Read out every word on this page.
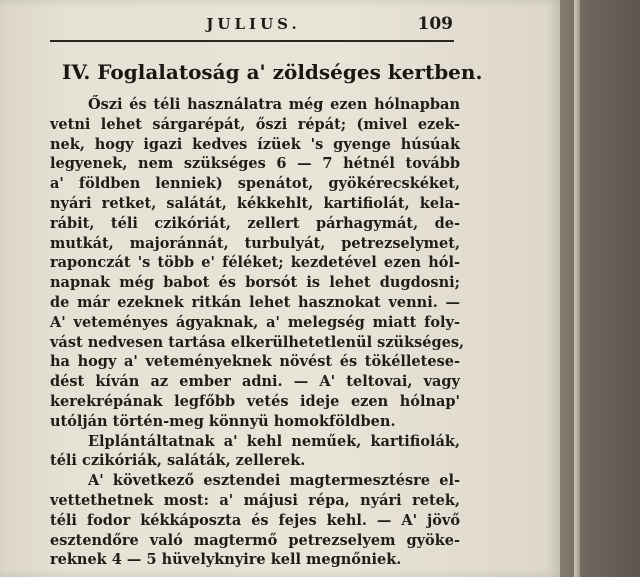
JULIUS.	109
IV. Foglalatoság a' zöldséges kertben.
Őszi és téli használatra még ezen hólnapban
vetni lehet sárgarépát, őszi répát; (mivel ezek-
nek, hogy igazi kedves ízüek 's gyenge húsúak
legyenek, nem szükséges 6 — 7 hétnél tovább
a' földben lenniek) spenátot, gyökérecskéket,
nyári retket, salátát, kékkehlt, kartifiolát, kela-
rábit, téli czikóriát, zellert párhagymát, de-
mutkát, majoránnát, turbulyát, petrezselymet,
raponczát 's több e' féléket; kezdetével ezen hól-
napnak még babot és borsót is lehet dugdosni;
de már ezeknek ritkán lehet hasznokat venni. —
A' veteményes ágyaknak, a' melegség miatt foly-
vást nedvesen tartása elkerülhetetlenül szükséges,
ha hogy a' veteményeknek növést és tökélletese-
dést kíván az ember adni. — A' teltovai, vagy
kerekrépának legfőbb vetés ideje ezen hólnap'
utólján történ-meg könnyü homokföldben.
Elplántáltatnak a' kehl neműek, kartifiolák,
téli czikóriák, saláták, zellerek.
A' következő esztendei magtermesztésre el-
vettethetnek most: a' májusi répa, nyári retek,
téli fodor kékkáposzta és fejes kehl. — A' jövő
esztendőre való magtermő petrezselyem gyöke-
reknek 4 — 5 hüvelyknyire kell megnőniek.
